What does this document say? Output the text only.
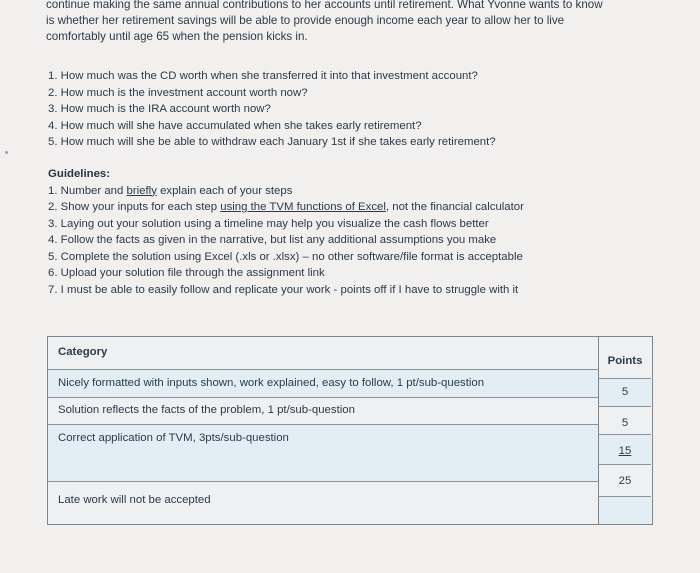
continue making the same annual contributions to her accounts until retirement. What Yvonne wants to know
is whether her retirement savings will be able to provide enough income each year to allow her to live
comfortably until age 65 when the pension kicks in.
1. How much was the CD worth when she transferred it into that investment account?
2. How much is the investment account worth now?
3. How much is the IRA account worth now?
4. How much will she have accumulated when she takes early retirement?
5. How much will she be able to withdraw each January 1st if she takes early retirement?
Guidelines:
1. Number and briefly explain each of your steps
2. Show your inputs for each step using the TVM functions of Excel, not the financial calculator
3. Laying out your solution using a timeline may help you visualize the cash flows better
4. Follow the facts as given in the narrative, but list any additional assumptions you make
5. Complete the solution using Excel (.xls or .xlsx) – no other software/file format is acceptable
6. Upload your solution file through the assignment link
7. I must be able to easily follow and replicate your work - points off if I have to struggle with it
Category
Nicely formatted with inputs shown, work explained, easy to follow, 1 pt/sub-question
Solution reflects the facts of the problem, 1 pt/sub-question
Correct application of TVM, 3pts/sub-question
Late work will not be accepted
Points
5
5
15
25
